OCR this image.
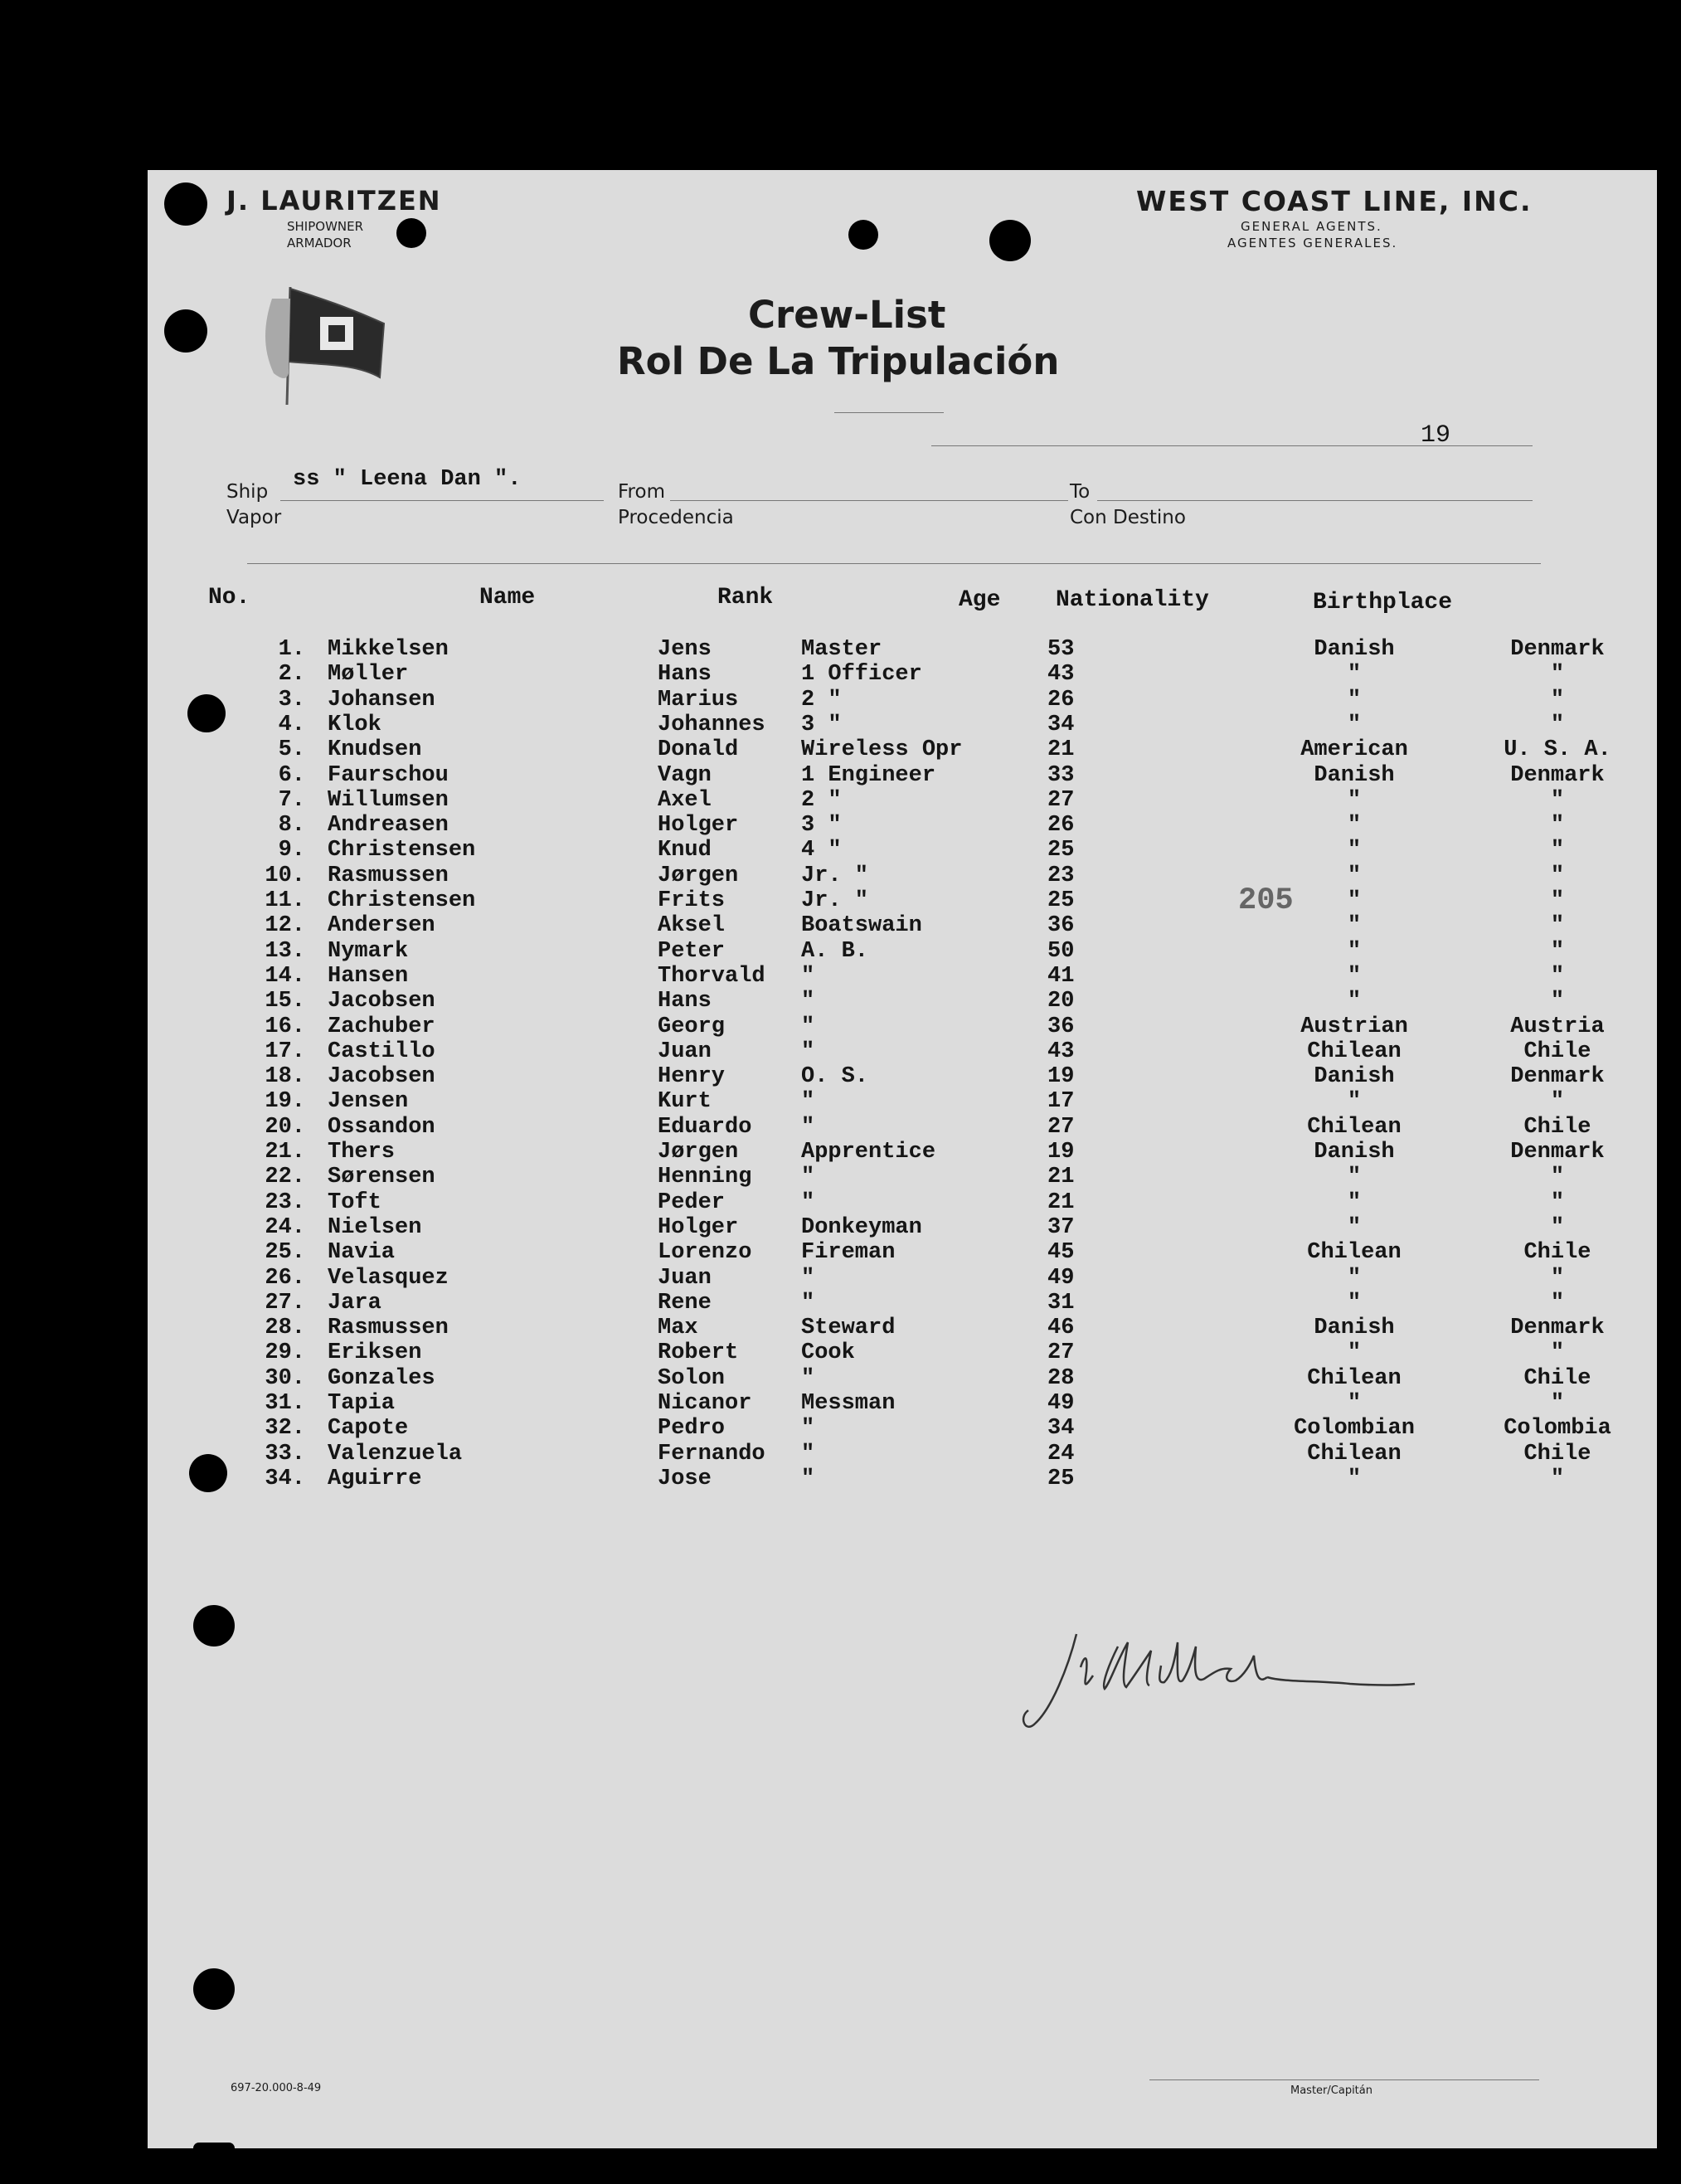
J. LAURITZEN
SHIPOWNER
ARMADOR
WEST COAST LINE, INC.
GENERAL AGENTS.
AGENTES GENERALES.
Crew-List
Rol De La Tripulación
19
Ship
Vapor
ss " Leena Dan ".	From
Procedencia
To
Con Destino
No.	Name	Rank	Age Nationality	Birthplace
205
1. Mikkelsen	Jens	Master	53	Danish	Denmark
2. Møller	Hans	1 Officer	43	"	"
3. Johansen	Marius	2 "	26	"	"
4. Klok	Johannes 3 "	34	"	"
5. Knudsen	Donald	Wireless Opr	21	American	U. S. A.
6. Faurschou	Vagn	1 Engineer	33	Danish	Denmark
7. Willumsen	Axel	2 "	27	"	"
8. Andreasen	Holger	3 "	26	"	"
9. Christensen	Knud	4 "	25	"	"
10. Rasmussen	Jørgen	Jr. "	23	"	"
11. Christensen	Frits	Jr. "	25	"	"
12. Andersen	Aksel	Boatswain	36	"	"
13. Nymark	Peter	A. B.	50	"	"
14. Hansen	Thorvald "	41	"	"
15. Jacobsen	Hans	"	20	"	"
16. Zachuber	Georg	"	36	Austrian	Austria
17. Castillo	Juan	"	43	Chilean	Chile
18. Jacobsen	Henry	O. S.	19	Danish	Denmark
19. Jensen	Kurt	"	17	"	"
20. Ossandon	Eduardo "	27	Chilean	Chile
21. Thers	Jørgen	Apprentice	19	Danish	Denmark
22. Sørensen	Henning "	21	"	"
23. Toft	Peder	"	21	"	"
24. Nielsen	Holger	Donkeyman	37	"	"
25. Navia	Lorenzo Fireman	45	Chilean	Chile
26. Velasquez	Juan	"	49	"	"
27. Jara	Rene	"	31	"	"
28. Rasmussen	Max	Steward	46	Danish	Denmark
29. Eriksen	Robert	Cook	27	"	"
30. Gonzales	Solon	"	28	Chilean	Chile
31. Tapia	Nicanor Messman	49	"	"
32. Capote	Pedro	"	34	Colombian	Colombia
33. Valenzuela	Fernando "	24	Chilean	Chile
34. Aguirre	Jose	"	25	"	"
697-20.000-8-49	Master/Capitán
